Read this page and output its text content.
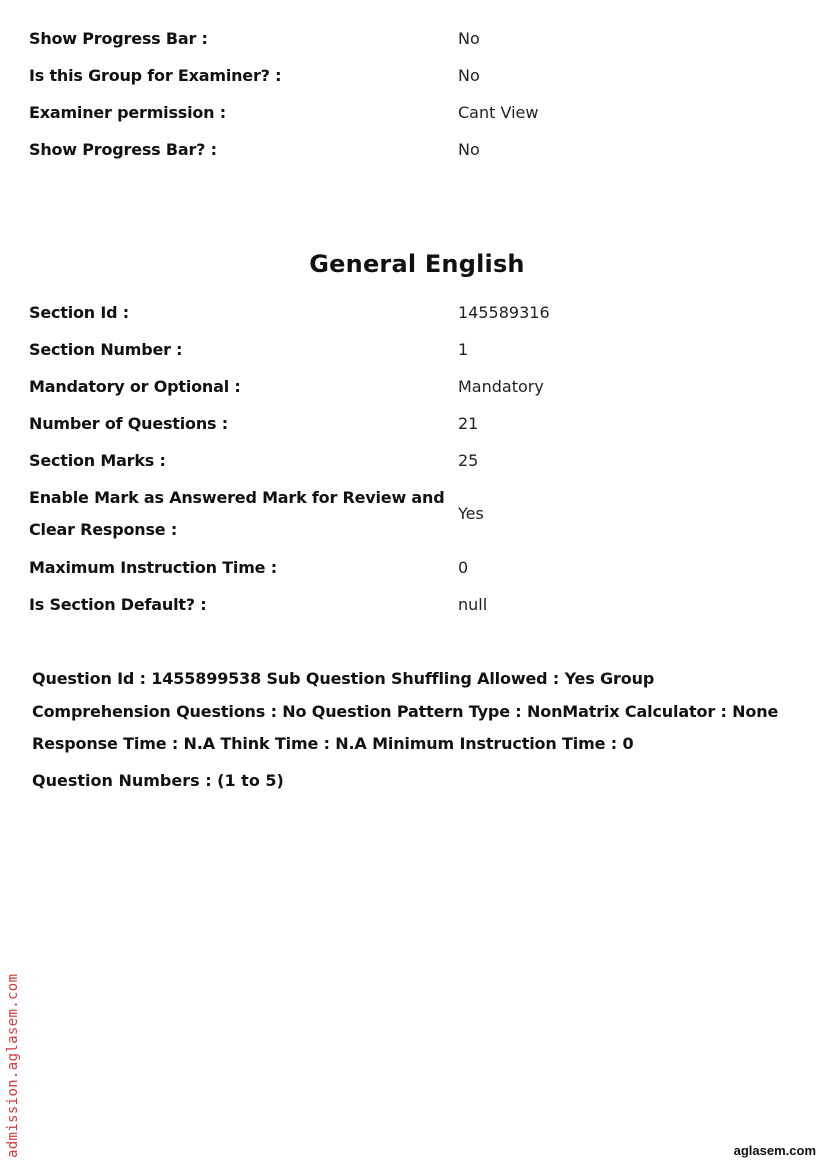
Show Progress Bar :	No
Is this Group for Examiner? :	No
Examiner permission :	Cant View
Show Progress Bar? :	No
General English
Section Id :	145589316
Section Number :	1
Mandatory or Optional :	Mandatory
Number of Questions :	21
Section Marks :	25
Enable Mark as Answered Mark for Review and Clear Response :	Yes
Maximum Instruction Time :	0
Is Section Default? :	null
Question Id : 1455899538 Sub Question Shuffling Allowed : Yes Group Comprehension Questions : No Question Pattern Type : NonMatrix Calculator : None Response Time : N.A Think Time : N.A Minimum Instruction Time : 0
Question Numbers : (1 to 5)
admission.aglasem.com	aglasem.com
